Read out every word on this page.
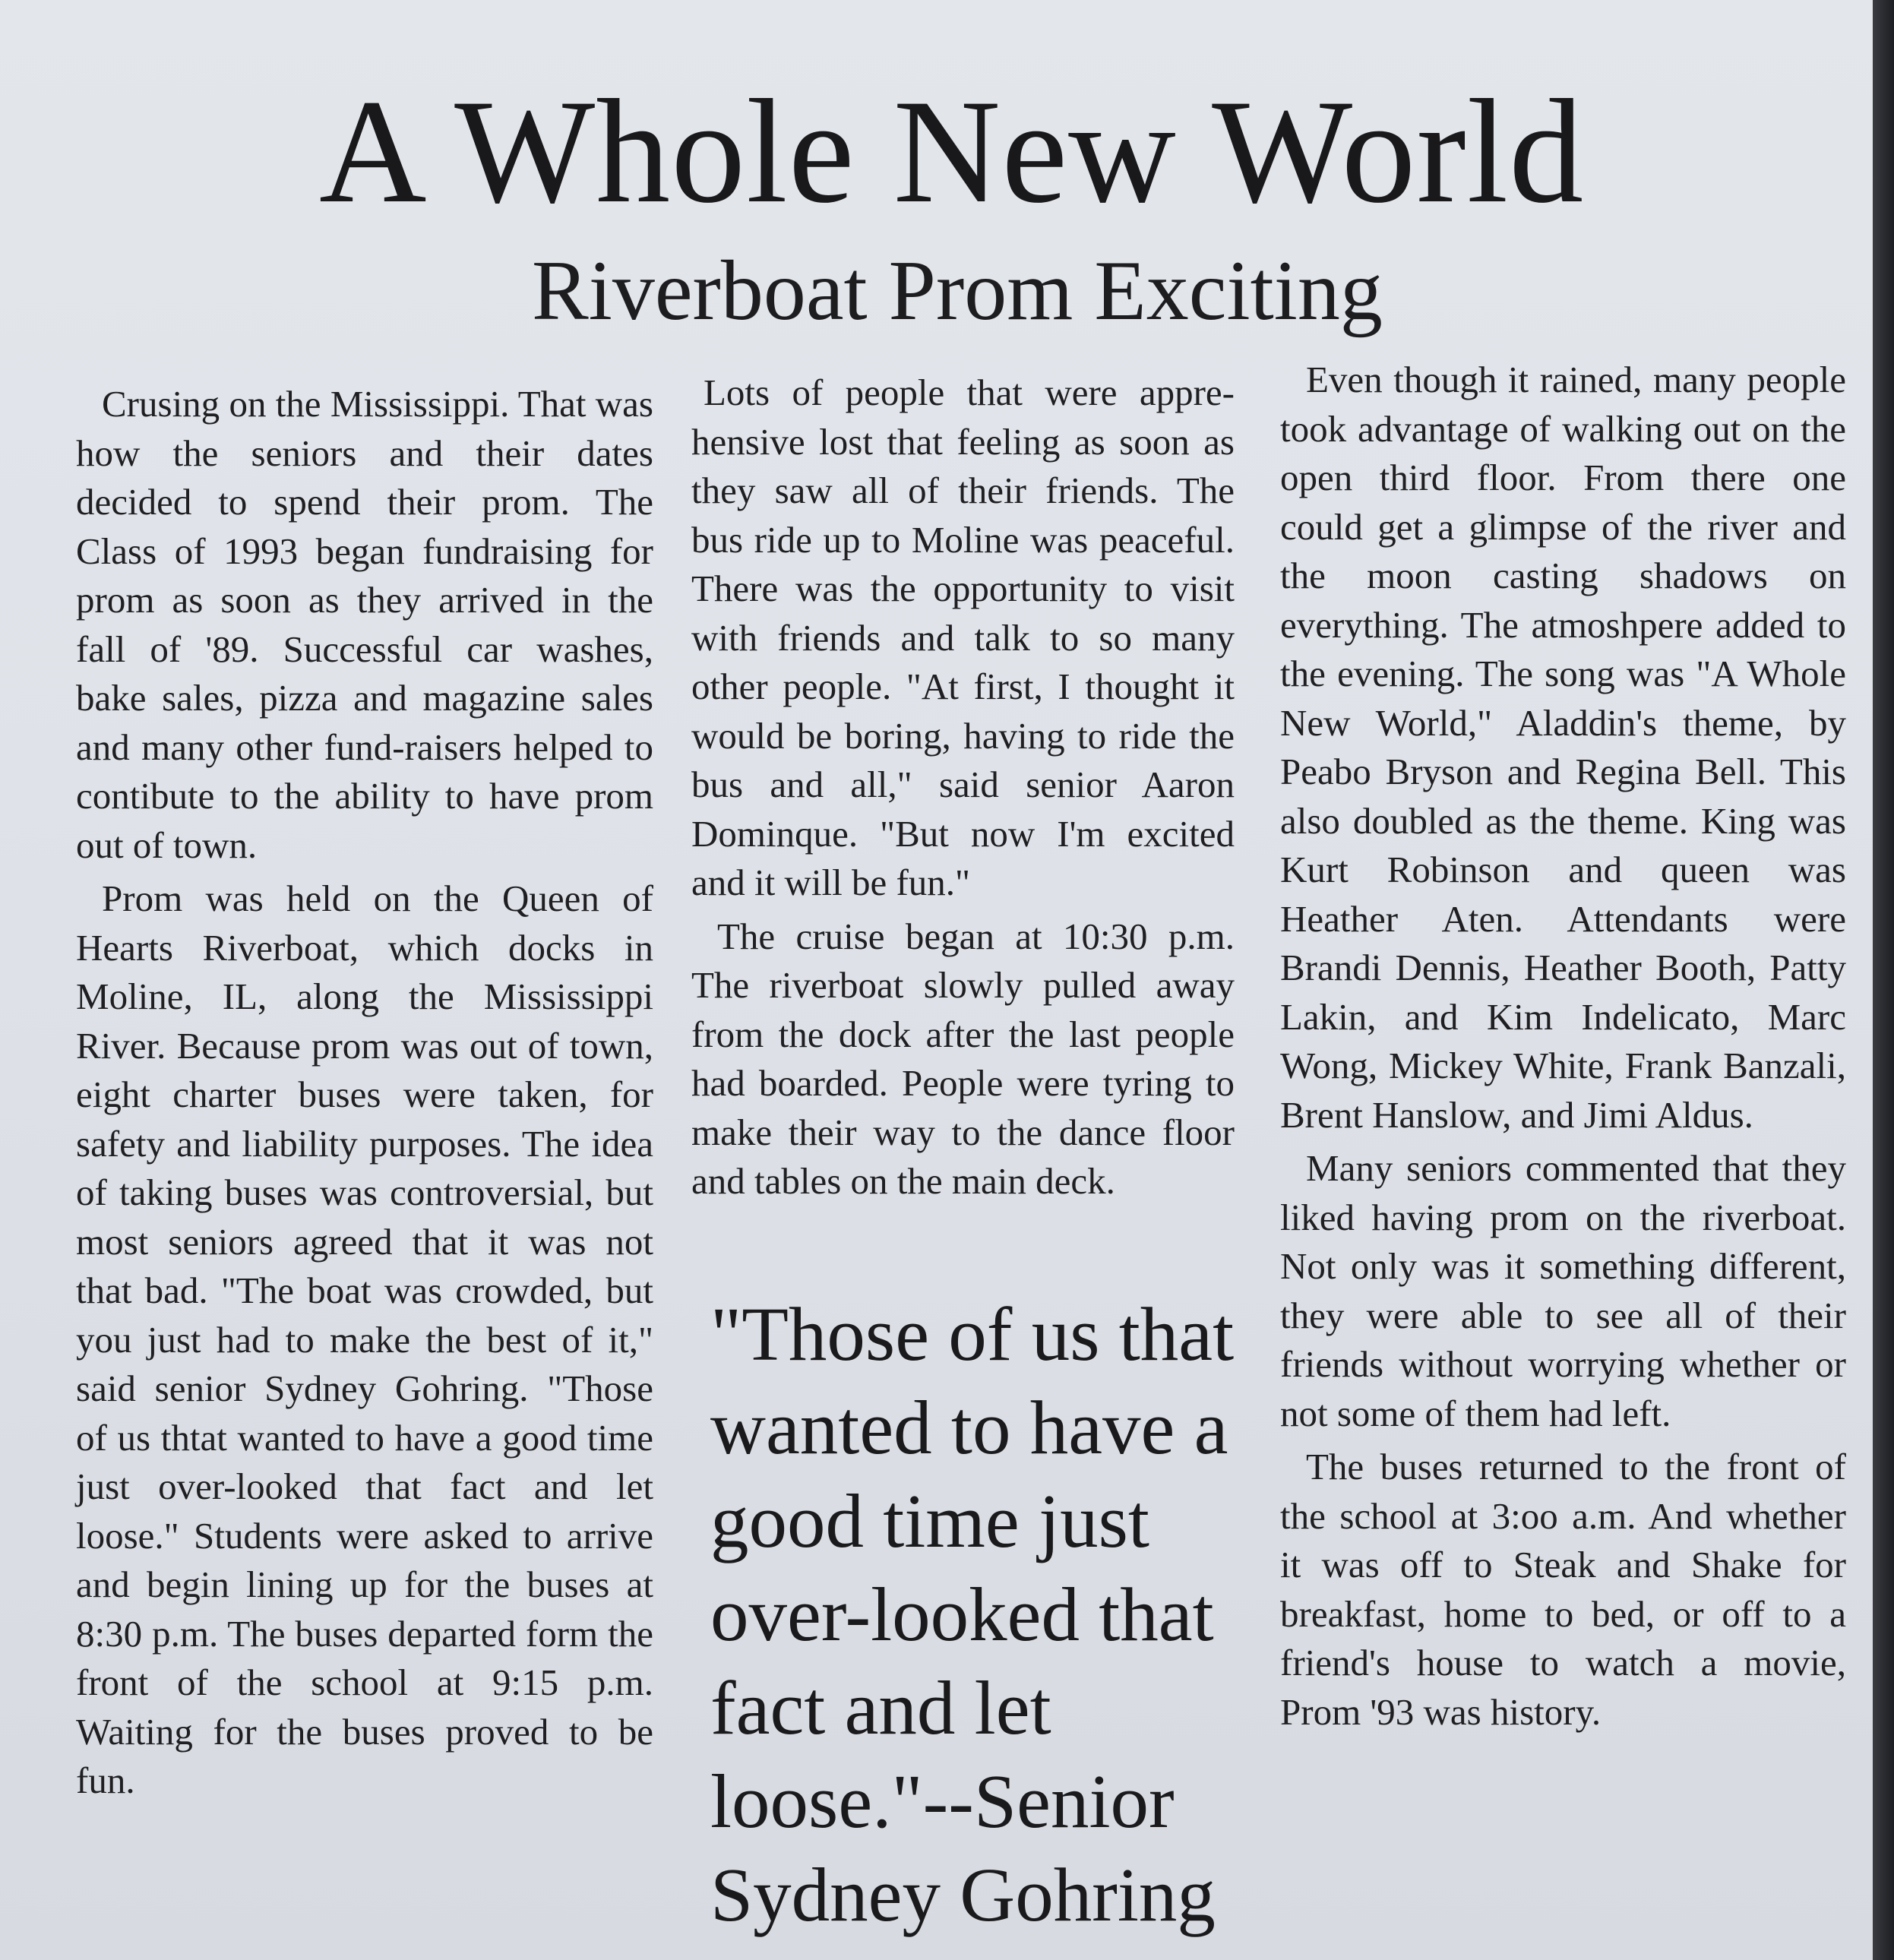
A Whole New World
Riverboat Prom Exciting

Crusing on the Mississippi. That was how the seniors and their dates decided to spend their prom. The Class of 1993 began fundraising for prom as soon as they arrived in the fall of '89. Successful car washes, bake sales, pizza and magazine sales and many other fund-raisers helped to contibute to the ability to have prom out of town.

Prom was held on the Queen of Hearts Riverboat, which docks in Moline, IL, along the Mississippi River. Because prom was out of town, eight charter buses were taken, for safety and liability purposes. The idea of taking buses was controversial, but most seniors agreed that it was not that bad. "The boat was crowded, but you just had to make the best of it," said senior Sydney Gohring. "Those of us thtat wanted to have a good time just over-looked that fact and let loose." Students were asked to arrive and begin lining up for the buses at 8:30 p.m. The buses departed form the front of the school at 9:15 p.m. Waiting for the buses proved to be fun.

Lots of people that were apprehensive lost that feeling as soon as they saw all of their friends. The bus ride up to Moline was peaceful. There was the opportunity to visit with friends and talk to so many other people. "At first, I thought it would be boring, having to ride the bus and all," said senior Aaron Dominque. "But now I'm excited and it will be fun."

The cruise began at 10:30 p.m. The riverboat slowly pulled away from the dock after the last people had boarded. People were tyring to make their way to the dance floor and tables on the main deck.

"Those of us that wanted to have a good time just over-looked that fact and let loose."--Senior Sydney Gohring

Even though it rained, many people took advantage of walking out on the open third floor. From there one could get a glimpse of the river and the moon casting shadows on everything. The atmoshpere added to the evening. The song was "A Whole New World," Aladdin's theme, by Peabo Bryson and Regina Bell. This also doubled as the theme. King was Kurt Robinson and queen was Heather Aten. Attendants were Brandi Dennis, Heather Booth, Patty Lakin, and Kim Indelicato, Marc Wong, Mickey White, Frank Banzali, Brent Hanslow, and Jimi Aldus.

Many seniors commented that they liked having prom on the riverboat. Not only was it something different, they were able to see all of their friends without worrying whether or not some of them had left.

The buses returned to the front of the school at 3:oo a.m. And whether it was off to Steak and Shake for breakfast, home to bed, or off to a friend's house to watch a movie, Prom '93 was history.
